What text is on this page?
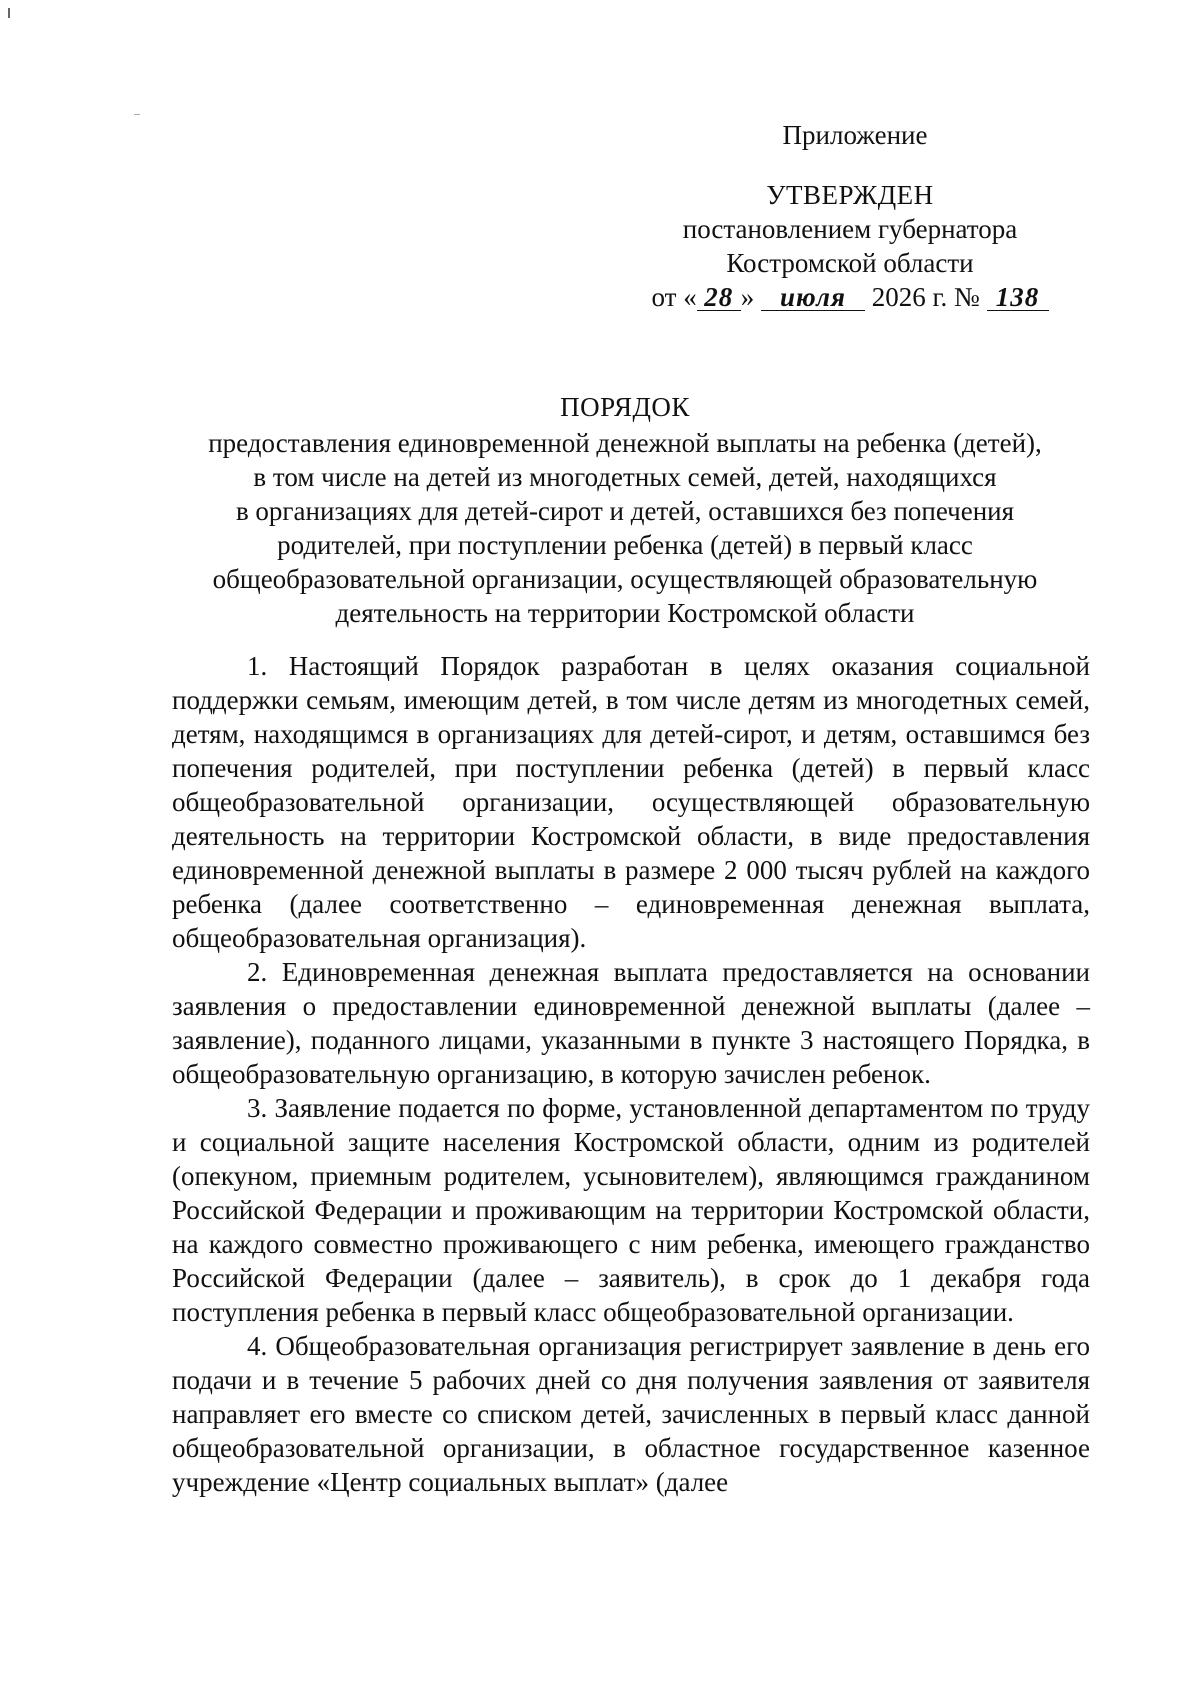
Приложение
УТВЕРЖДЕН
постановлением губернатора
Костромской области
от « 28 » июля 2026 г. № 138
ПОРЯДОК
предоставления единовременной денежной выплаты на ребенка (детей),
в том числе на детей из многодетных семей, детей, находящихся
в организациях для детей-сирот и детей, оставшихся без попечения
родителей, при поступлении ребенка (детей) в первый класс
общеобразовательной организации, осуществляющей образовательную
деятельность на территории Костромской области

1. Настоящий Порядок разработан в целях оказания социальной поддержки семьям, имеющим детей, в том числе детям из многодетных семей, детям, находящимся в организациях для детей-сирот, и детям, оставшимся без попечения родителей, при поступлении ребенка (детей) в первый класс общеобразовательной организации, осуществляющей образовательную деятельность на территории Костромской области, в виде предоставления единовременной денежной выплаты в размере 2 000 тысяч рублей на каждого ребенка (далее соответственно – единовременная денежная выплата, общеобразовательная организация).

2. Единовременная денежная выплата предоставляется на основании заявления о предоставлении единовременной денежной выплаты (далее – заявление), поданного лицами, указанными в пункте 3 настоящего Порядка, в общеобразовательную организацию, в которую зачислен ребенок.

3. Заявление подается по форме, установленной департаментом по труду и социальной защите населения Костромской области, одним из родителей (опекуном, приемным родителем, усыновителем), являющимся гражданином Российской Федерации и проживающим на территории Костромской области, на каждого совместно проживающего с ним ребенка, имеющего гражданство Российской Федерации (далее – заявитель), в срок до 1 декабря года поступления ребенка в первый класс общеобразовательной организации.

4. Общеобразовательная организация регистрирует заявление в день его подачи и в течение 5 рабочих дней со дня получения заявления от заявителя направляет его вместе со списком детей, зачисленных в первый класс данной общеобразовательной организации, в областное государственное казенное учреждение «Центр социальных выплат» (далее
